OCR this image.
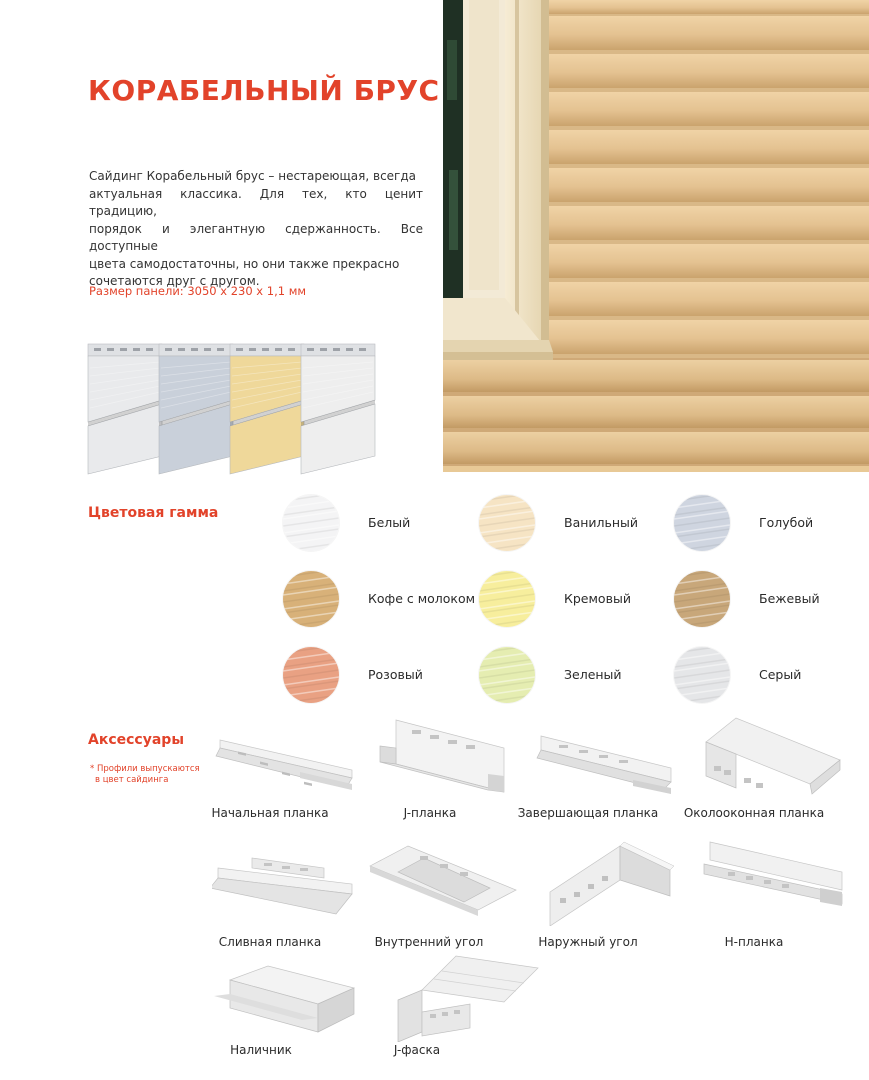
КОРАБЕЛЬНЫЙ БРУС
Сайдинг Корабельный брус – нестареющая, всегда
актуальная классика. Для тех, кто ценит традицию,
порядок и элегантную сдержанность. Все доступные
цвета самодостаточны, но они также прекрасно
сочетаются друг с другом.
Размер панели: 3050 х 230 х 1,1 мм
Цветовая гамма
Белый	Ванильный	Голубой
Кофе с молоком	Кремовый	Бежевый
Розовый	Зеленый	Серый
Аксессуары
* Профили выпускаются
в цвет сайдинга
Начальная планка	J-планка	Завершающая планка	Околооконная планка
Сливная планка	Внутренний угол	Наружный угол	Н-планка
Наличник	J-фаска
